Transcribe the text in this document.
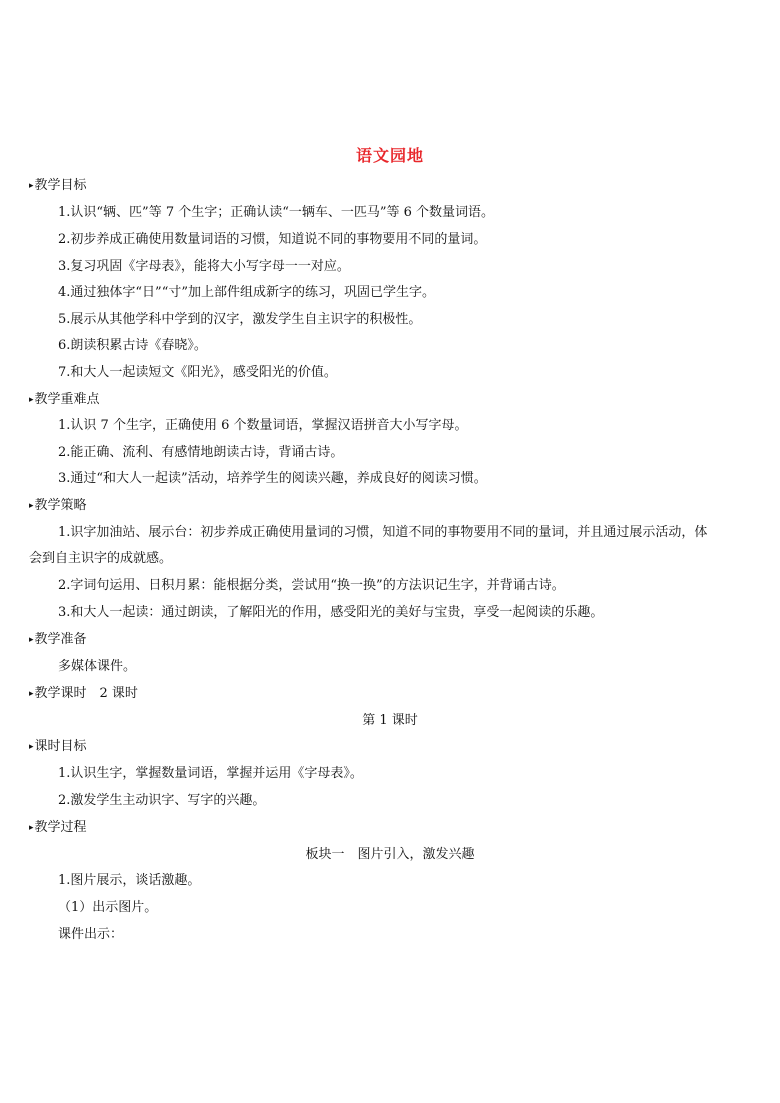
语文园地
▸教学目标
1.认识“辆、匹”等 7 个生字；正确认读“一辆车、一匹马”等 6 个数量词语。
2.初步养成正确使用数量词语的习惯，知道说不同的事物要用不同的量词。
3.复习巩固《字母表》，能将大小写字母一一对应。
4.通过独体字“日”“寸”加上部件组成新字的练习，巩固已学生字。
5.展示从其他学科中学到的汉字，激发学生自主识字的积极性。
6.朗读积累古诗《春晓》。
7.和大人一起读短文《阳光》，感受阳光的价值。
▸教学重难点
1.认识 7 个生字，正确使用 6 个数量词语，掌握汉语拼音大小写字母。
2.能正确、流利、有感情地朗读古诗，背诵古诗。
3.通过“和大人一起读”活动，培养学生的阅读兴趣，养成良好的阅读习惯。
▸教学策略
1.识字加油站、展示台：初步养成正确使用量词的习惯，知道不同的事物要用不同的量词，并且通过展示活动，体
会到自主识字的成就感。
2.字词句运用、日积月累：能根据分类，尝试用“换一换”的方法识记生字，并背诵古诗。
3.和大人一起读：通过朗读，了解阳光的作用，感受阳光的美好与宝贵，享受一起阅读的乐趣。
▸教学准备
多媒体课件。
▸教学课时　2 课时
第 1 课时
▸课时目标
1.认识生字，掌握数量词语，掌握并运用《字母表》。
2.激发学生主动识字、写字的兴趣。
▸教学过程
板块一　图片引入，激发兴趣
1.图片展示，谈话激趣。
（1）出示图片。
课件出示：
